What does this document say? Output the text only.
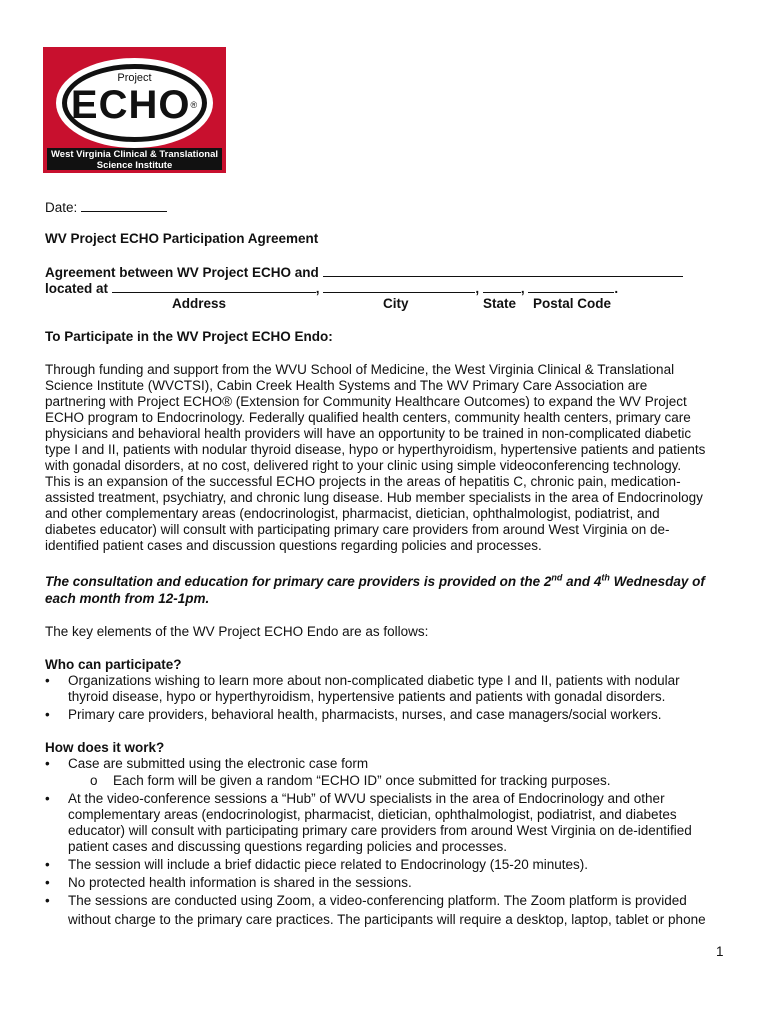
Project
ECHO®
West Virginia Clinical & Translational
Science Institute
Date:
WV Project ECHO Participation Agreement
Agreement between WV Project ECHO and
located at	,	,	,	.
Address	City	State Postal Code
To Participate in the WV Project ECHO Endo:
Through funding and support from the WVU School of Medicine, the West Virginia Clinical & Translational
Science Institute (WVCTSI), Cabin Creek Health Systems and The WV Primary Care Association are
partnering with Project ECHO® (Extension for Community Healthcare Outcomes) to expand the WV Project
ECHO program to Endocrinology. Federally qualified health centers, community health centers, primary care
physicians and behavioral health providers will have an opportunity to be trained in non-complicated diabetic
type I and II, patients with nodular thyroid disease, hypo or hyperthyroidism, hypertensive patients and patients
with gonadal disorders, at no cost, delivered right to your clinic using simple videoconferencing technology.
This is an expansion of the successful ECHO projects in the areas of hepatitis C, chronic pain, medication-
assisted treatment, psychiatry, and chronic lung disease. Hub member specialists in the area of Endocrinology
and other complementary areas (endocrinologist, pharmacist, dietician, ophthalmologist, podiatrist, and
diabetes educator) will consult with participating primary care providers from around West Virginia on de-
identified patient cases and discussion questions regarding policies and processes.
The consultation and education for primary care providers is provided on the 2nd and 4th Wednesday of
each month from 12-1pm.
The key elements of the WV Project ECHO Endo are as follows:
Who can participate?
•	Organizations wishing to learn more about non-complicated diabetic type I and II, patients with nodular
thyroid disease, hypo or hyperthyroidism, hypertensive patients and patients with gonadal disorders.
•	Primary care providers, behavioral health, pharmacists, nurses, and case managers/social workers.
How does it work?
•	Case are submitted using the electronic case form
o Each form will be given a random “ECHO ID” once submitted for tracking purposes.
•	At the video-conference sessions a “Hub” of WVU specialists in the area of Endocrinology and other
complementary areas (endocrinologist, pharmacist, dietician, ophthalmologist, podiatrist, and diabetes
educator) will consult with participating primary care providers from around West Virginia on de-identified
patient cases and discussing questions regarding policies and processes.
•	The session will include a brief didactic piece related to Endocrinology (15-20 minutes).
•	No protected health information is shared in the sessions.
•	The sessions are conducted using Zoom, a video-conferencing platform. The Zoom platform is provided
without charge to the primary care practices. The participants will require a desktop, laptop, tablet or phone
1
